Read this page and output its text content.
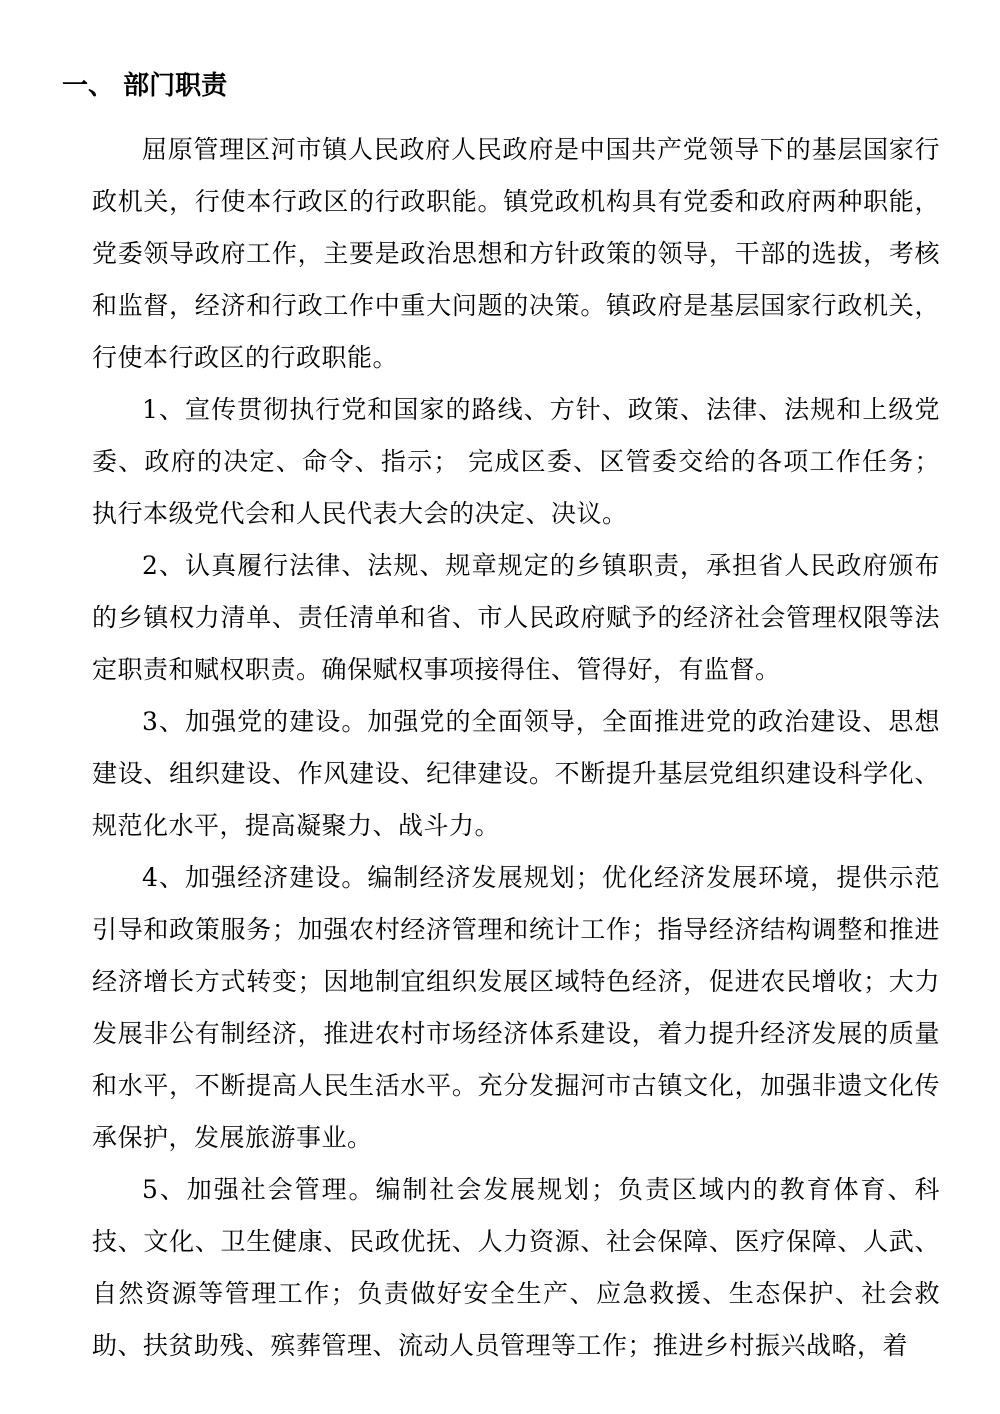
一、 部门职责

屈原管理区河市镇人民政府人民政府是中国共产党领导下的基层国家行政机关，行使本行政区的行政职能。镇党政机构具有党委和政府两种职能，党委领导政府工作，主要是政治思想和方针政策的领导，干部的选拔，考核和监督，经济和行政工作中重大问题的决策。镇政府是基层国家行政机关，行使本行政区的行政职能。

1、宣传贯彻执行党和国家的路线、方针、政策、法律、法规和上级党委、政府的决定、命令、指示； 完成区委、区管委交给的各项工作任务；执行本级党代会和人民代表大会的决定、决议。

2、认真履行法律、法规、规章规定的乡镇职责，承担省人民政府颁布的乡镇权力清单、责任清单和省、市人民政府赋予的经济社会管理权限等法定职责和赋权职责。确保赋权事项接得住、管得好，有监督。

3、加强党的建设。加强党的全面领导，全面推进党的政治建设、思想建设、组织建设、作风建设、纪律建设。不断提升基层党组织建设科学化、规范化水平，提高凝聚力、战斗力。

4、加强经济建设。编制经济发展规划；优化经济发展环境，提供示范引导和政策服务；加强农村经济管理和统计工作；指导经济结构调整和推进经济增长方式转变；因地制宜组织发展区域特色经济，促进农民增收；大力发展非公有制经济，推进农村市场经济体系建设，着力提升经济发展的质量和水平，不断提高人民生活水平。充分发掘河市古镇文化，加强非遗文化传承保护，发展旅游事业。

5、加强社会管理。编制社会发展规划；负责区域内的教育体育、科技、文化、卫生健康、民政优抚、人力资源、社会保障、医疗保障、人武、自然资源等管理工作；负责做好安全生产、应急救援、生态保护、社会救助、扶贫助残、殡葬管理、流动人员管理等工作；推进乡村振兴战略，着
